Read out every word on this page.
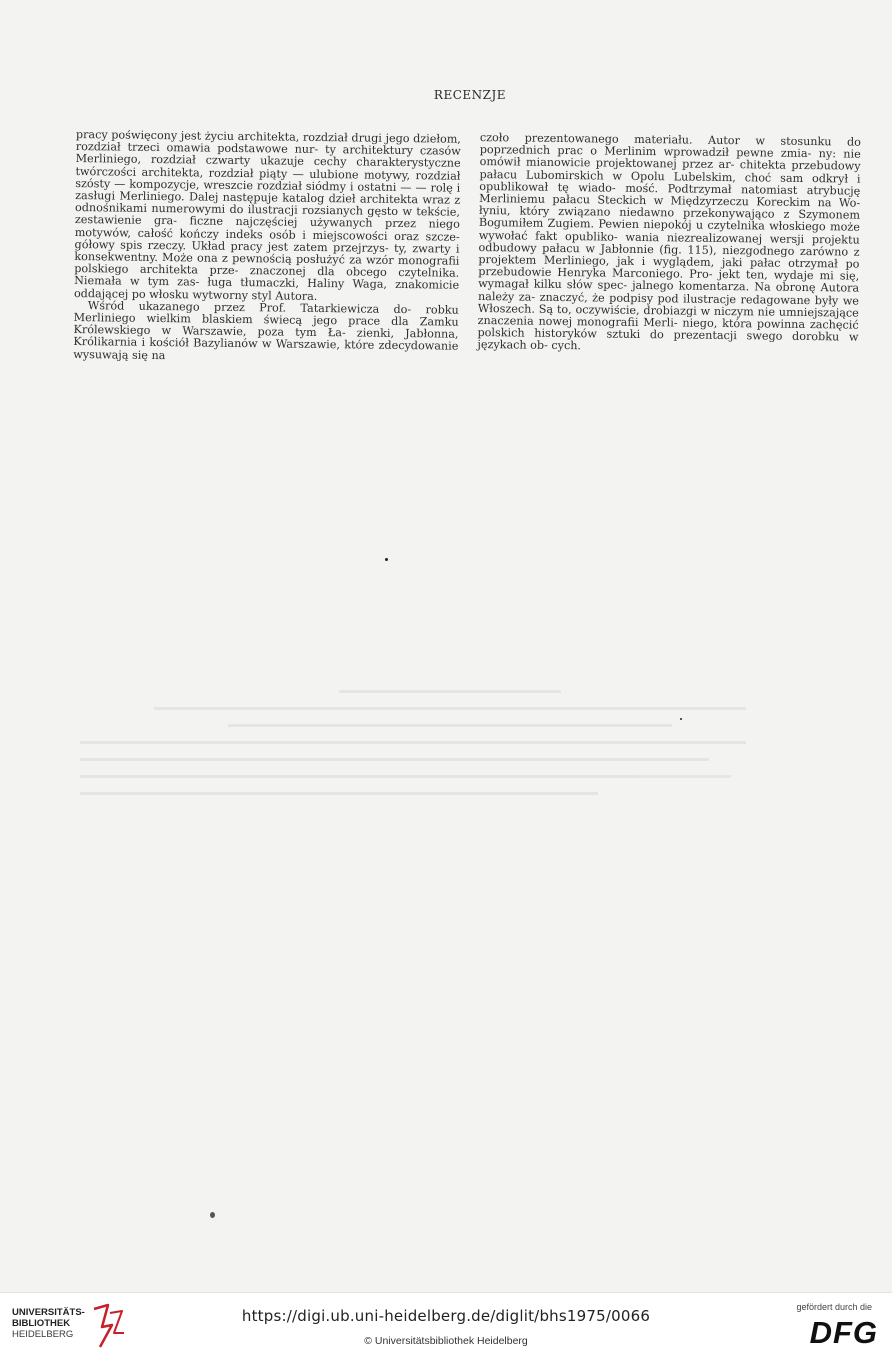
RECENZJE

pracy poświęcony jest życiu architekta, rozdział drugi jego dziełom, rozdział trzeci omawia podstawowe nur- ty architektury czasów Merliniego, rozdział czwarty ukazuje cechy charakterystyczne twórczości architekta, rozdział piąty — ulubione motywy, rozdział szósty — kompozycje, wreszcie rozdział siódmy i ostatni — — rolę i zasługi Merliniego. Dalej następuje katalog dzieł architekta wraz z odnośnikami numerowymi do ilustracji rozsianych gęsto w tekście, zestawienie gra- ficzne najczęściej używanych przez niego motywów, całość kończy indeks osób i miejscowości oraz szcze- gółowy spis rzeczy. Układ pracy jest zatem przejrzys- ty, zwarty i konsekwentny. Może ona z pewnością posłużyć za wzór monografii polskiego architekta prze- znaczonej dla obcego czytelnika. Niemała w tym zas- ługa tłumaczki, Haliny Waga, znakomicie oddającej po włosku wytworny styl Autora.

Wśród ukazanego przez Prof. Tatarkiewicza do- robku Merliniego wielkim blaskiem świecą jego prace dla Zamku Królewskiego w Warszawie, poza tym Ła- zienki, Jabłonna, Królikarnia i kościół Bazylianów w Warszawie, które zdecydowanie wysuwają się na

czoło prezentowanego materiału. Autor w stosunku do poprzednich prac o Merlinim wprowadził pewne zmia- ny: nie omówił mianowicie projektowanej przez ar- chitekta przebudowy pałacu Lubomirskich w Opolu Lubelskim, choć sam odkrył i opublikował tę wiado- mość. Podtrzymał natomiast atrybucję Merliniemu pałacu Steckich w Międzyrzeczu Koreckim na Wo- łyniu, który związano niedawno przekonywająco z Szymonem Bogumiłem Zugiem. Pewien niepokój u czytelnika włoskiego może wywołać fakt opubliko- wania niezrealizowanej wersji projektu odbudowy pałacu w Jabłonnie (fig. 115), niezgodnego zarówno z projektem Merliniego, jak i wyglądem, jaki pałac otrzymał po przebudowie Henryka Marconiego. Pro- jekt ten, wydaje mi się, wymagał kilku słów spec- jalnego komentarza. Na obronę Autora należy za- znaczyć, że podpisy pod ilustracje redagowane były we Włoszech. Są to, oczywiście, drobiazgi w niczym nie umniejszające znaczenia nowej monografii Merli- niego, która powinna zachęcić polskich historyków sztuki do prezentacji swego dorobku w językach ob- cych.

UNIVERSITÄTS-
BIBLIOTHEK
HEIDELBERG
https://digi.ub.uni-heidelberg.de/diglit/bhs1975/0066
© Universitätsbibliothek Heidelberg
gefördert durch die
DFG
